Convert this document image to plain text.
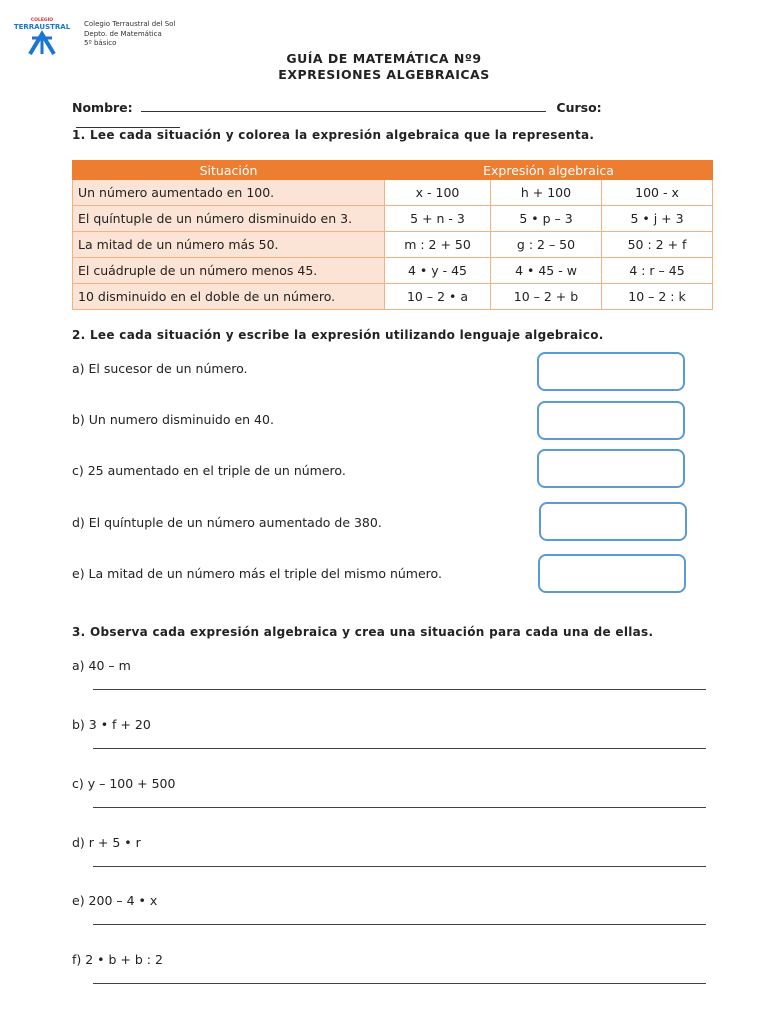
COLEGIO
TERRAUSTRAL Colegio Terraustral del Sol
Depto. de Matemática
5º básico
GUÍA DE MATEMÁTICA Nº9
EXPRESIONES ALGEBRAICAS
Nombre:	Curso:
1. Lee cada situación y colorea la expresión algebraica que la representa.
Situación	Expresión algebraica		
Un número aumentado en 100.	x - 100	h + 100	100 - x
El quíntuple de un número disminuido en 3.	5 + n - 3	5 • p – 3	5 • j + 3
La mitad de un número más 50.	m : 2 + 50	g : 2 – 50	50 : 2 + f
El cuádruple de un número menos 45.	4 • y - 45	4 • 45 - w	4 : r – 45
10 disminuido en el doble de un número.	10 – 2 • a	10 – 2 + b	10 – 2 : k
2. Lee cada situación y escribe la expresión utilizando lenguaje algebraico.
a) El sucesor de un número.
b) Un numero disminuido en 40.
c) 25 aumentado en el triple de un número.
d) El quíntuple de un número aumentado de 380.
e) La mitad de un número más el triple del mismo número.
3. Observa cada expresión algebraica y crea una situación para cada una de ellas.
a) 40 – m
b) 3 • f + 20
c) y – 100 + 500
d) r + 5 • r
e) 200 – 4 • x
f) 2 • b + b : 2
